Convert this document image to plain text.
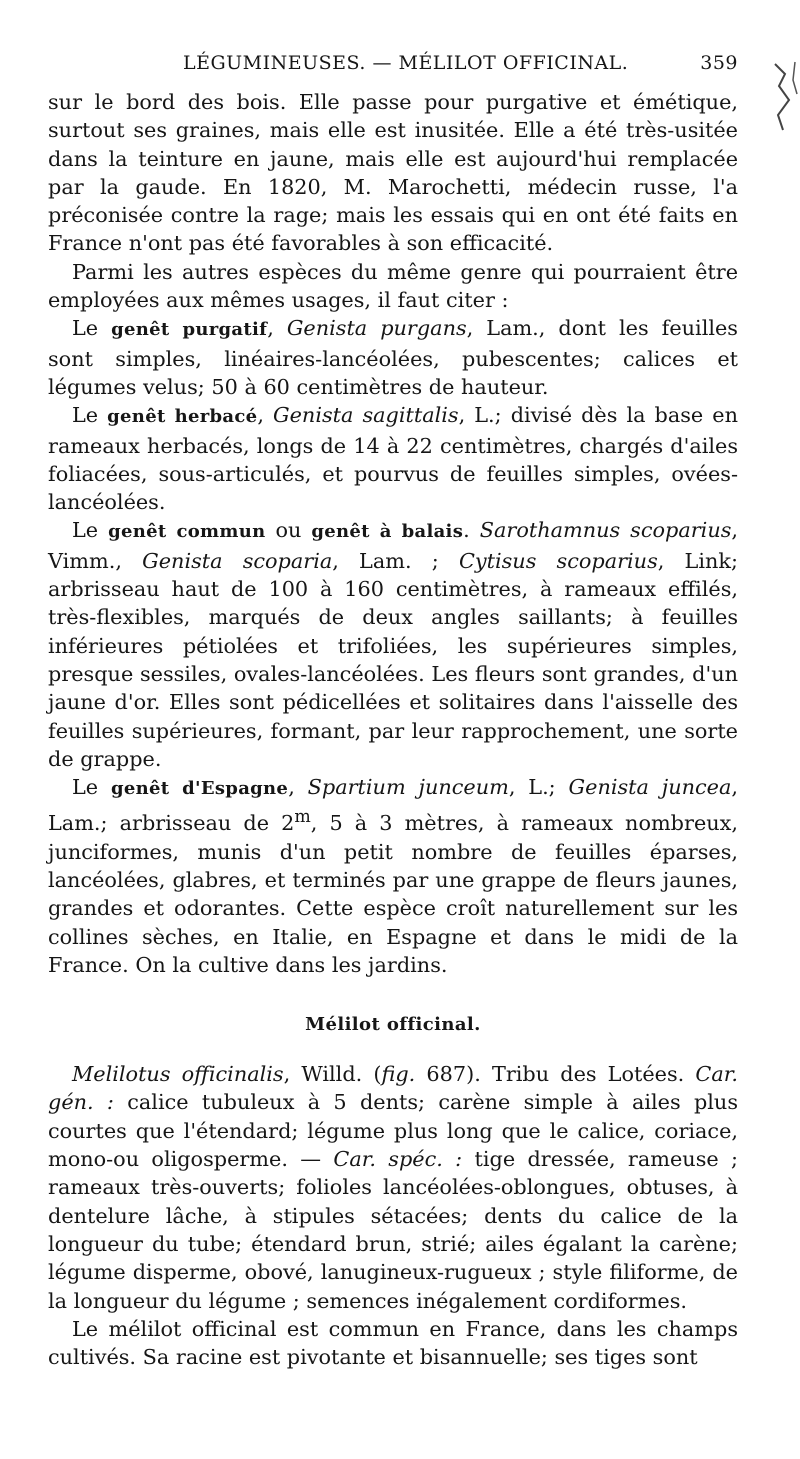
LÉGUMINEUSES. — MÉLILOT OFFICINAL.	359

sur le bord des bois. Elle passe pour purgative et émétique, surtout ses graines, mais elle est inusitée. Elle a été très-usitée dans la teinture en jaune, mais elle est aujourd'hui remplacée par la gaude. En 1820, M. Marochetti, médecin russe, l'a préconisée contre la rage; mais les essais qui en ont été faits en France n'ont pas été favorables à son efficacité.

Parmi les autres espèces du même genre qui pourraient être employées aux mêmes usages, il faut citer :

Le genêt purgatif, Genista purgans, Lam., dont les feuilles sont simples, linéaires-lancéolées, pubescentes; calices et légumes velus; 50 à 60 centimètres de hauteur.

Le genêt herbacé, Genista sagittalis, L.; divisé dès la base en rameaux herbacés, longs de 14 à 22 centimètres, chargés d'ailes foliacées, sous-articulés, et pourvus de feuilles simples, ovées-lancéolées.

Le genêt commun ou genêt à balais. Sarothamnus scoparius, Vimm., Genista scoparia, Lam. ; Cytisus scoparius, Link; arbrisseau haut de 100 à 160 centimètres, à rameaux effilés, très-flexibles, marqués de deux angles saillants; à feuilles inférieures pétiolées et trifoliées, les supérieures simples, presque sessiles, ovales-lancéolées. Les fleurs sont grandes, d'un jaune d'or. Elles sont pédicellées et solitaires dans l'aisselle des feuilles supérieures, formant, par leur rapprochement, une sorte de grappe.

Le genêt d'Espagne, Spartium junceum, L.; Genista juncea, Lam.; arbrisseau de 2$^m$, 5 à 3 mètres, à rameaux nombreux, junciformes, munis d'un petit nombre de feuilles éparses, lancéolées, glabres, et terminés par une grappe de fleurs jaunes, grandes et odorantes. Cette espèce croît naturellement sur les collines sèches, en Italie, en Espagne et dans le midi de la France. On la cultive dans les jardins.

Mélilot officinal.

Melilotus officinalis, Willd. (fig. 687). Tribu des Lotées. Car. gén. : calice tubuleux à 5 dents; carène simple à ailes plus courtes que l'étendard; légume plus long que le calice, coriace, mono-ou oligosperme. — Car. spéc. : tige dressée, rameuse ; rameaux très-ouverts; folioles lancéolées-oblongues, obtuses, à dentelure lâche, à stipules sétacées; dents du calice de la longueur du tube; étendard brun, strié; ailes égalant la carène; légume disperme, obové, lanugineux-rugueux ; style filiforme, de la longueur du légume ; semences inégalement cordiformes.

Le mélilot officinal est commun en France, dans les champs cultivés. Sa racine est pivotante et bisannuelle; ses tiges sont
